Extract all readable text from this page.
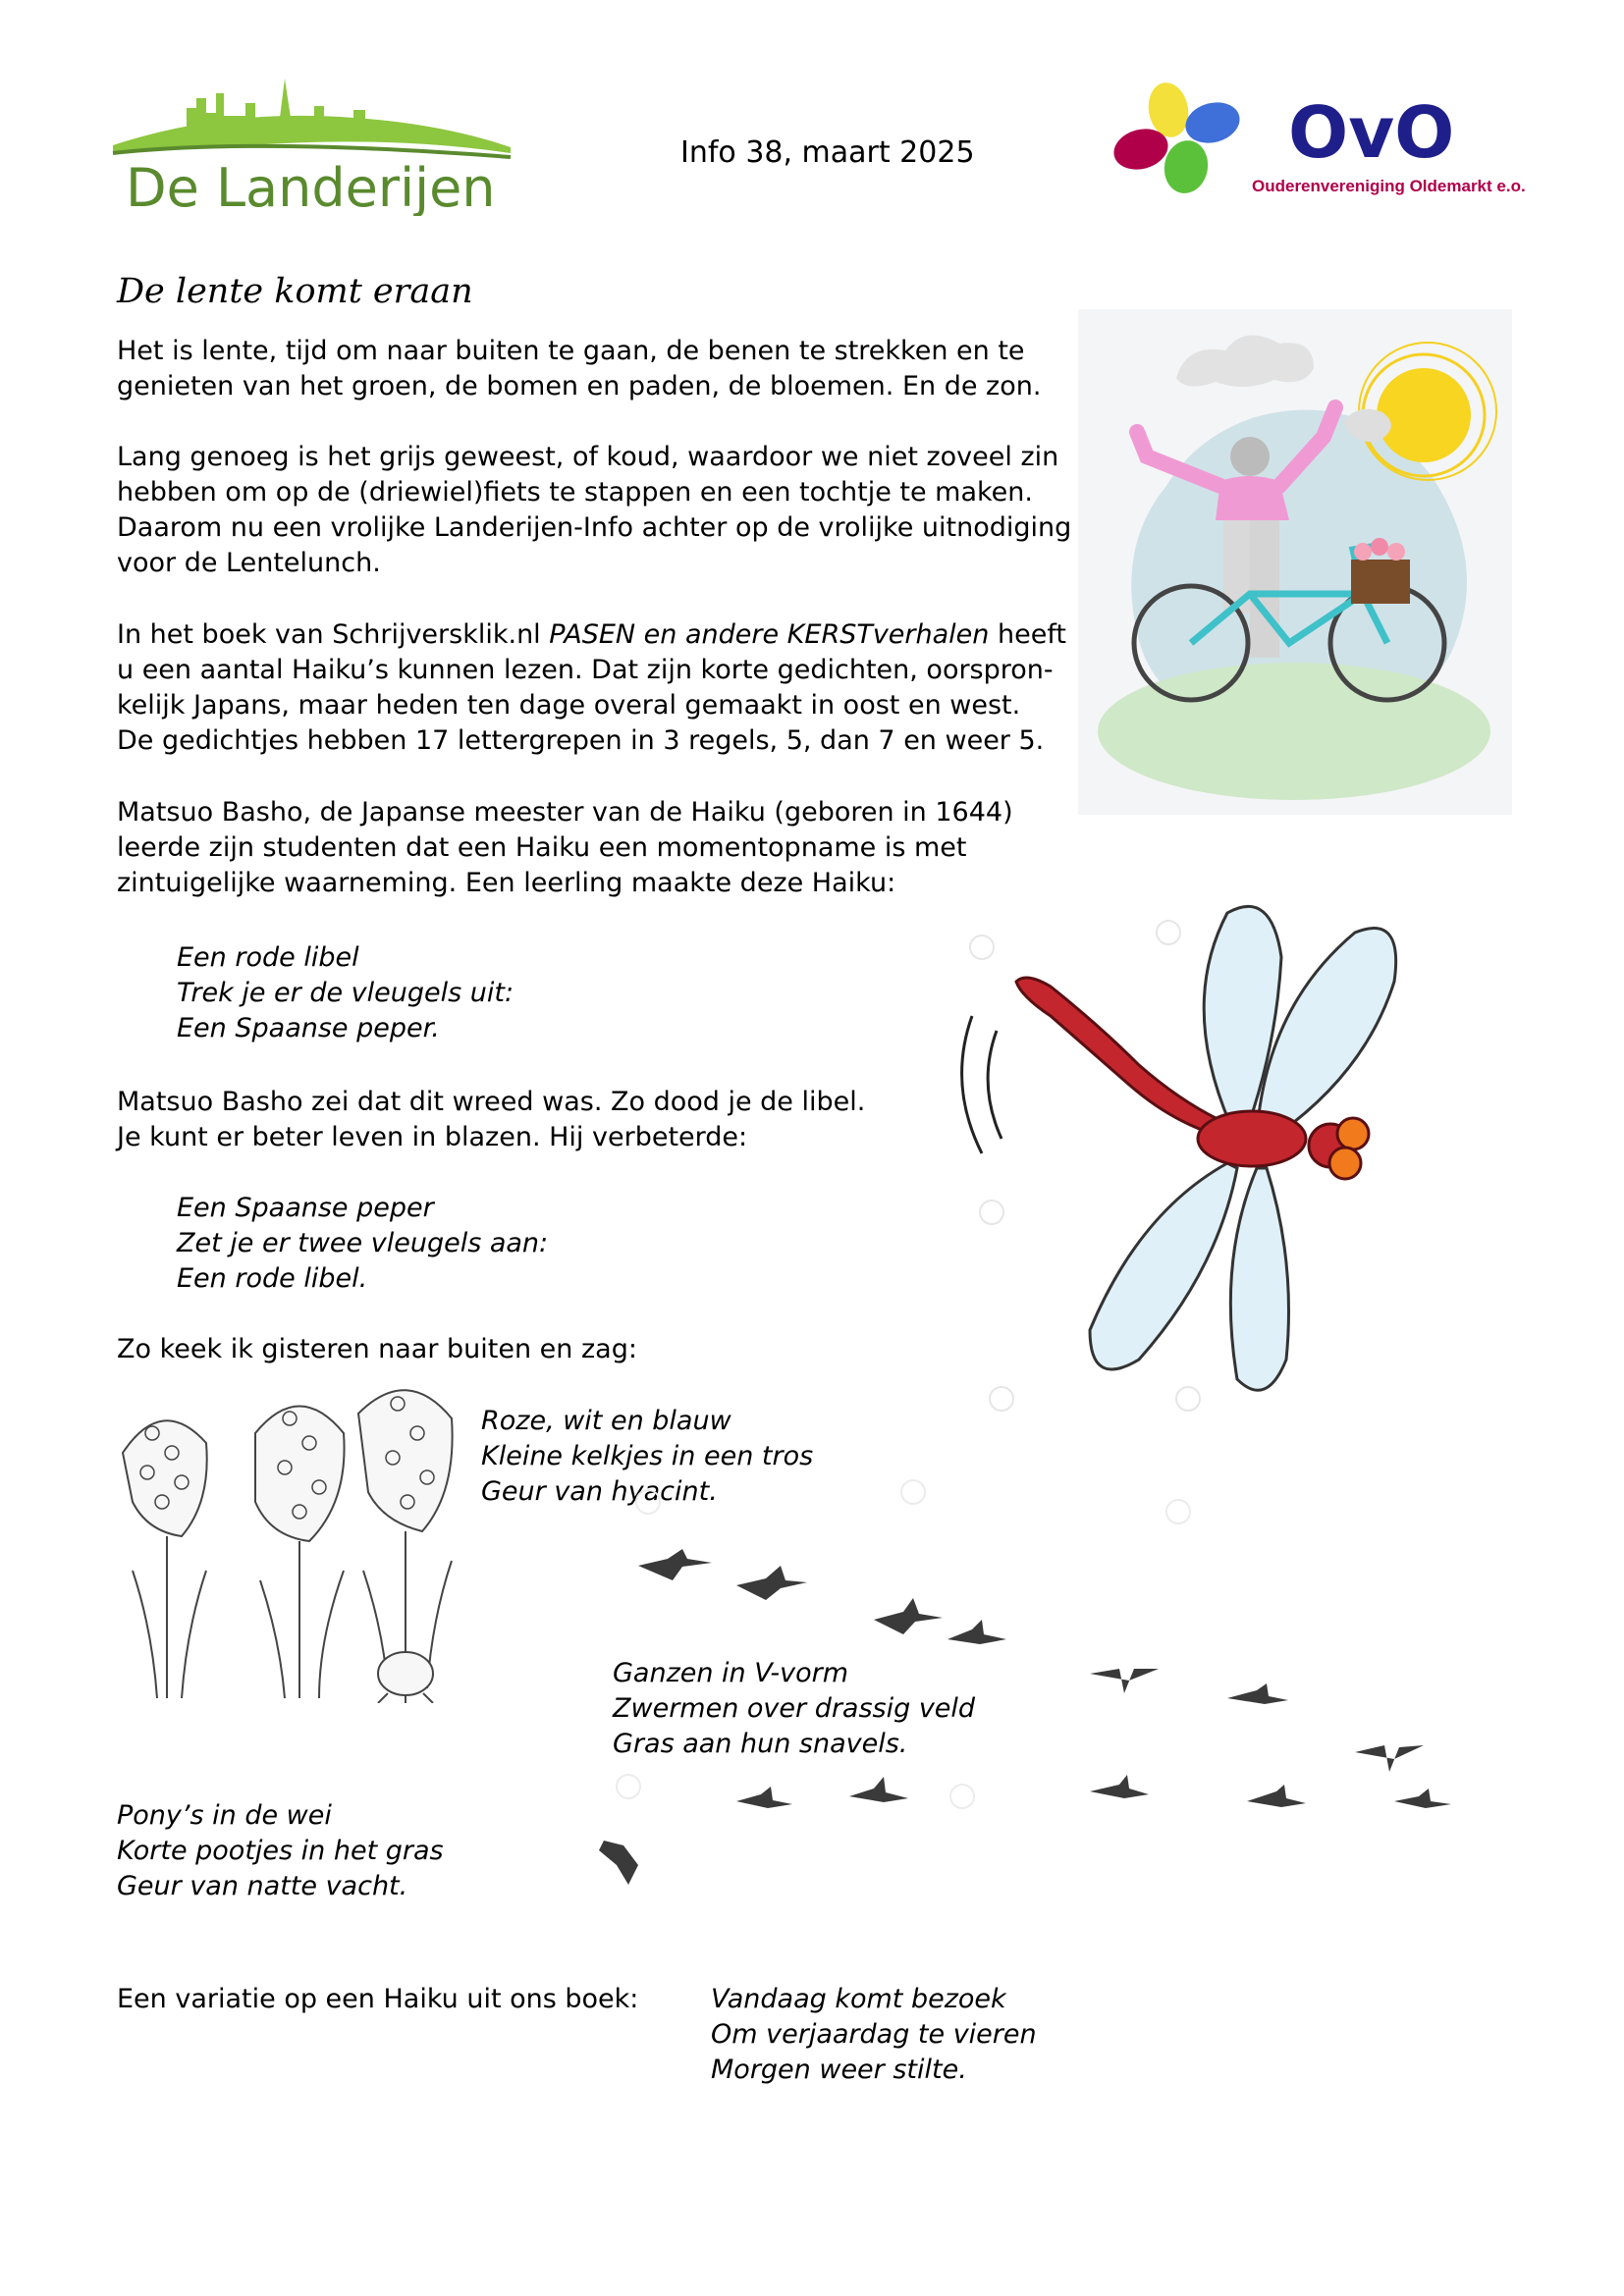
De Landerijen
Info 38, maart 2025	OvO
Ouderenvereniging Oldemarkt e.o.
De lente komt eraan

Het is lente, tijd om naar buiten te gaan, de benen te strekken en te
genieten van het groen, de bomen en paden, de bloemen. En de zon.

Lang genoeg is het grijs geweest, of koud, waardoor we niet zoveel zin
hebben om op de (driewiel)fiets te stappen en een tochtje te maken.
Daarom nu een vrolijke Landerijen-Info achter op de vrolijke uitnodiging
voor de Lentelunch.

In het boek van Schrijversklik.nl PASEN en andere KERSTverhalen heeft
u een aantal Haiku’s kunnen lezen. Dat zijn korte gedichten, oorspron-
kelijk Japans, maar heden ten dage overal gemaakt in oost en west.
De gedichtjes hebben 17 lettergrepen in 3 regels, 5, dan 7 en weer 5.

Matsuo Basho, de Japanse meester van de Haiku (geboren in 1644)
leerde zijn studenten dat een Haiku een momentopname is met
zintuigelijke waarneming. Een leerling maakte deze Haiku:

Een rode libel
Trek je er de vleugels uit:
Een Spaanse peper.

Matsuo Basho zei dat dit wreed was. Zo dood je de libel.
Je kunt er beter leven in blazen. Hij verbeterde:

Een Spaanse peper
Zet je er twee vleugels aan:
Een rode libel.

Zo keek ik gisteren naar buiten en zag:

Roze, wit en blauw
Kleine kelkjes in een tros
Geur van hyacint.

Ganzen in V-vorm
Zwermen over drassig veld
Gras aan hun snavels.

Pony’s in de wei
Korte pootjes in het gras
Geur van natte vacht.

Een variatie op een Haiku uit ons boek:	Vandaag komt bezoek
Om verjaardag te vieren
Morgen weer stilte.
